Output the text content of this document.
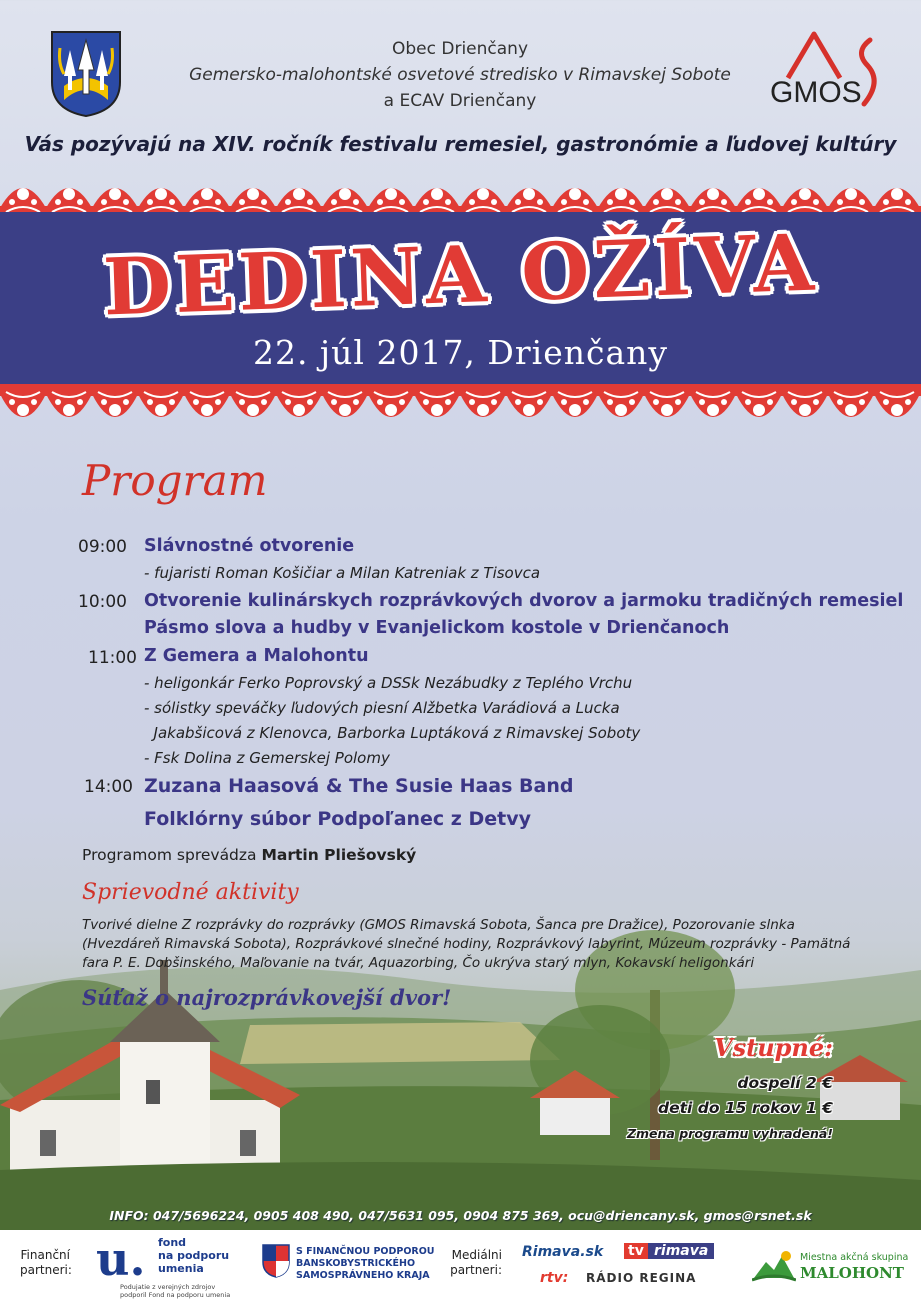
Obec Drienčany
Gemersko-malohontské osvetové stredisko v Rimavskej Sobote
a ECAV Drienčany	GMOS
Vás pozývajú na XIV. ročník festivalu remesiel, gastronómie a ľudovej kultúry
DEDINA OŽÍVA
22. júl 2017, Drienčany
Program
09:00 Slávnostné otvorenie
- fujaristi Roman Košičiar a Milan Katreniak z Tisovca
10:00 Otvorenie kulinárskych rozprávkových dvorov a jarmoku tradičných remesiel
Pásmo slova a hudby v Evanjelickom kostole v Drienčanoch
11:00 Z Gemera a Malohontu
- heligonkár Ferko Poprovský a DSSk Nezábudky z Teplého Vrchu
- sólistky speváčky ľudových piesní Alžbetka Varádiová a Lucka
Jakabšicová z Klenovca, Barborka Luptáková z Rimavskej Soboty
- Fsk Dolina z Gemerskej Polomy
14:00 Zuzana Haasová & The Susie Haas Band
Folklórny súbor Podpoľanec z Detvy
Programom sprevádza Martin Pliešovský
Sprievodné aktivity
Tvorivé dielne Z rozprávky do rozprávky (GMOS Rimavská Sobota, Šanca pre Dražice), Pozorovanie slnka (Hvezdáreň Rimavská Sobota), Rozprávkové slnečné hodiny, Rozprávkový labyrint, Múzeum rozprávky - Pamätná fara P. E. Dobšinského, Maľovanie na tvár, Aquazorbing, Čo ukrýva starý mlyn, Kokavskí heligonkári
Súťaž o najrozprávkovejší dvor!
Vstupné:
dospelí 2 €
deti do 15 rokov 1 €
Zmena programu vyhradená!
INFO: 047/5696224, 0905 408 490, 047/5631 095, 0904 875 369, ocu@driencany.sk, gmos@rsnet.sk
Finanční
partneri: u. fond
na podporu
umenia
Podujatie z verejných zdrojov
podporil Fond na podporu umenia
S FINANČNOU PODPOROU
BANSKOBYSTRICKÉHO
SAMOSPRÁVNEHO KRAJA
Mediálni
partneri:
Rimava.sk tv rimava
rtv: RÁDIO REGINA
Miestna akčná skupina
MALOHONT
